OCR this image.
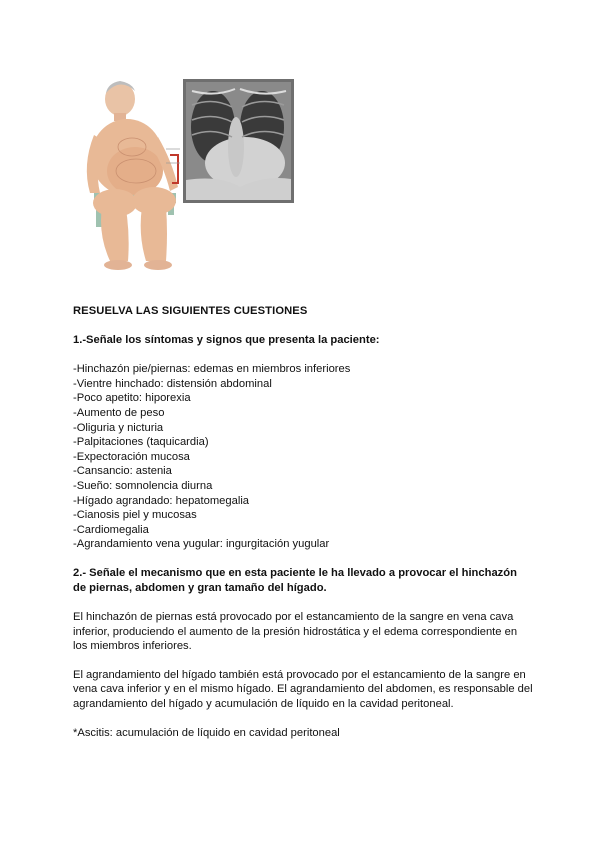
RESUELVA LAS SIGUIENTES CUESTIONES

1.-Señale los síntomas y signos que presenta la paciente:

-Hinchazón pie/piernas: edemas en miembros inferiores
-Vientre hinchado: distensión abdominal
-Poco apetito: hiporexia
-Aumento de peso
-Oliguria y nicturia
-Palpitaciones (taquicardia)
-Expectoración mucosa
-Cansancio: astenia
-Sueño: somnolencia diurna
-Hígado agrandado: hepatomegalia
-Cianosis piel y mucosas
-Cardiomegalia
-Agrandamiento vena yugular: ingurgitación yugular

2.- Señale el mecanismo que en esta paciente le ha llevado a provocar el hinchazón de piernas, abdomen y gran tamaño del hígado.

El hinchazón de piernas está provocado por el estancamiento de la sangre en vena cava inferior, produciendo el aumento de la presión hidrostática y el edema correspondiente en los miembros inferiores.

El agrandamiento del hígado también está provocado por el estancamiento de la sangre en vena cava inferior y en el mismo hígado. El agrandamiento del abdomen, es responsable del agrandamiento del hígado y acumulación de líquido en la cavidad peritoneal.

*Ascitis: acumulación de líquido en cavidad peritoneal
